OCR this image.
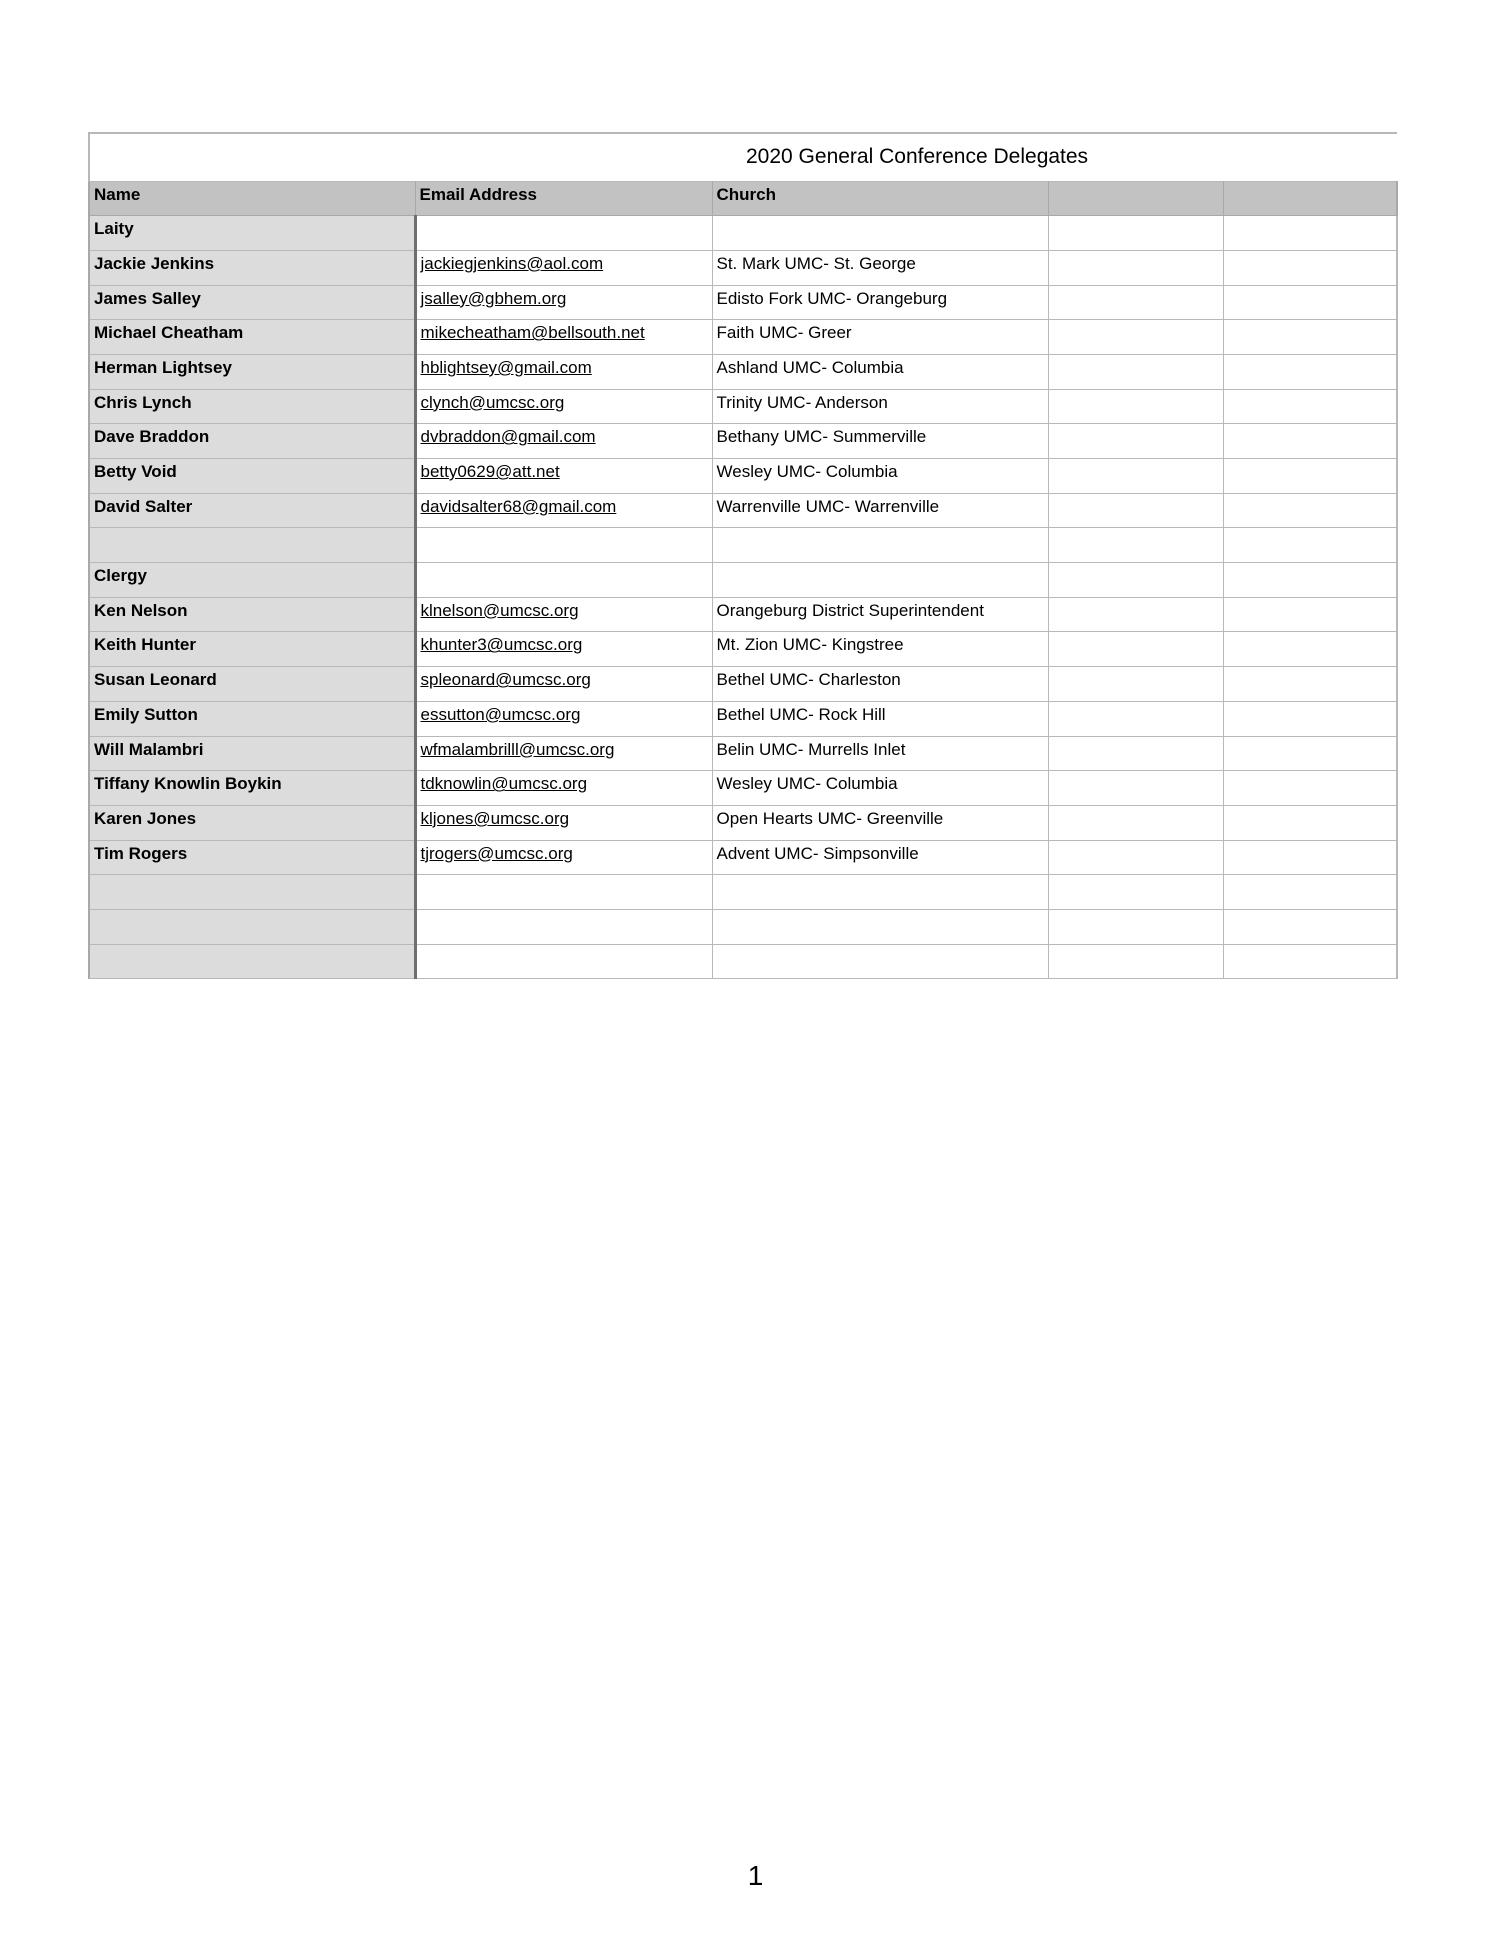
2020 General Conference Delegates				
Name	Email Address	Church		
Laity				
Jackie Jenkins	jackiegjenkins@aol.com	St. Mark UMC- St. George		
James Salley	jsalley@gbhem.org	Edisto Fork UMC- Orangeburg		
Michael Cheatham	mikecheatham@bellsouth.net	Faith UMC- Greer		
Herman Lightsey	hblightsey@gmail.com	Ashland UMC- Columbia		
Chris Lynch	clynch@umcsc.org	Trinity UMC- Anderson		
Dave Braddon	dvbraddon@gmail.com	Bethany UMC- Summerville		
Betty Void	betty0629@att.net	Wesley UMC- Columbia		
David Salter	davidsalter68@gmail.com	Warrenville UMC- Warrenville		

Clergy				
Ken Nelson	klnelson@umcsc.org	Orangeburg District Superintendent		
Keith Hunter	khunter3@umcsc.org	Mt. Zion UMC- Kingstree		
Susan Leonard	spleonard@umcsc.org	Bethel UMC- Charleston		
Emily Sutton	essutton@umcsc.org	Bethel UMC- Rock Hill		
Will Malambri	wfmalambrilll@umcsc.org	Belin UMC- Murrells Inlet		
Tiffany Knowlin Boykin	tdknowlin@umcsc.org	Wesley UMC- Columbia		
Karen Jones	kljones@umcsc.org	Open Hearts UMC- Greenville		
Tim Rogers	tjrogers@umcsc.org	Advent UMC- Simpsonville		

1
